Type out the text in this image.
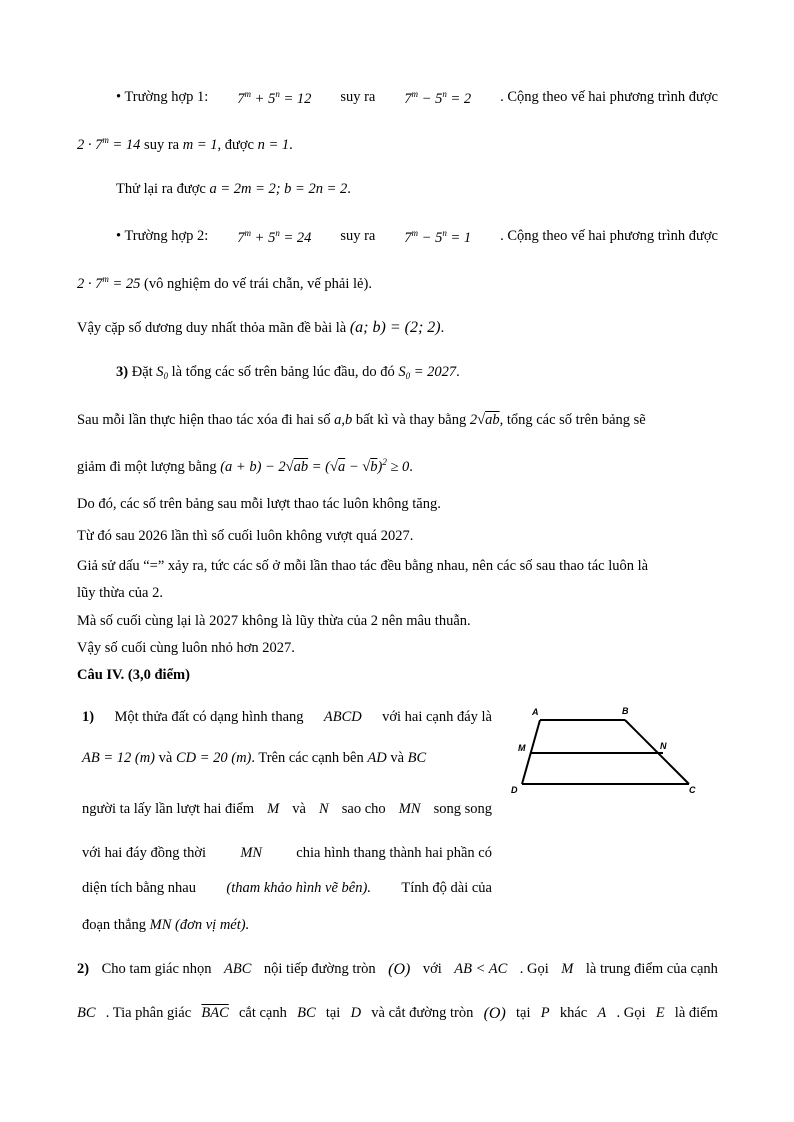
• Trường hợp 1: $7^m + 5^n = 12$ suy ra $7^m - 5^n = 2$ . Cộng theo vế hai phương trình được
$2 \cdot 7^m = 14$ suy ra m = 1, được n = 1.
Thử lại ra được a = 2m = 2; b = 2n = 2.
• Trường hợp 2: $7^m + 5^n = 24$ suy ra $7^m - 5^n = 1$ . Cộng theo vế hai phương trình được
$2 \cdot 7^m = 25$ (vô nghiệm do vế trái chẵn, vế phải lẻ).
Vậy cặp số dương duy nhất thỏa mãn đề bài là (a; b) = (2; 2).
3) Đặt $S_0$ là tổng các số trên bảng lúc đầu, do đó $S_0 = 2027$.
Sau mỗi lần thực hiện thao tác xóa đi hai số a,b bất kì và thay bằng 2√ab, tổng các số trên bảng sẽ
giảm đi một lượng bằng $(a + b) - 2√ab = (√a - √b)^2 \ge 0$.
Do đó, các số trên bảng sau mỗi lượt thao tác luôn không tăng.
Từ đó sau 2026 lần thì số cuối luôn không vượt quá 2027.
Giả sử dấu “=” xảy ra, tức các số ở mỗi lần thao tác đều bằng nhau, nên các số sau thao tác luôn là
lũy thừa của 2.
Mà số cuối cùng lại là 2027 không là lũy thừa của 2 nên mâu thuẫn.
Vậy số cuối cùng luôn nhỏ hơn 2027.
Câu IV. (3,0 điểm)
1) Một thửa đất có dạng hình thang ABCD với hai cạnh đáy là
AB = 12 (m) và CD = 20 (m). Trên các cạnh bên AD và BC
người ta lấy lần lượt hai điểm M và N sao cho MN song song
với hai đáy đồng thời MN chia hình thang thành hai phần có
diện tích bằng nhau (tham khảo hình vẽ bên). Tính độ dài của
đoạn thẳng MN (đơn vị mét).
A	B
M	N
D	C
2) Cho tam giác nhọn ABC nội tiếp đường tròn (O) với AB < AC . Gọi M là trung điểm của cạnh
BC . Tia phân giác $\overline{BAC}$ cắt cạnh BC tại D và cắt đường tròn (O) tại P khác A . Gọi E là điểm
